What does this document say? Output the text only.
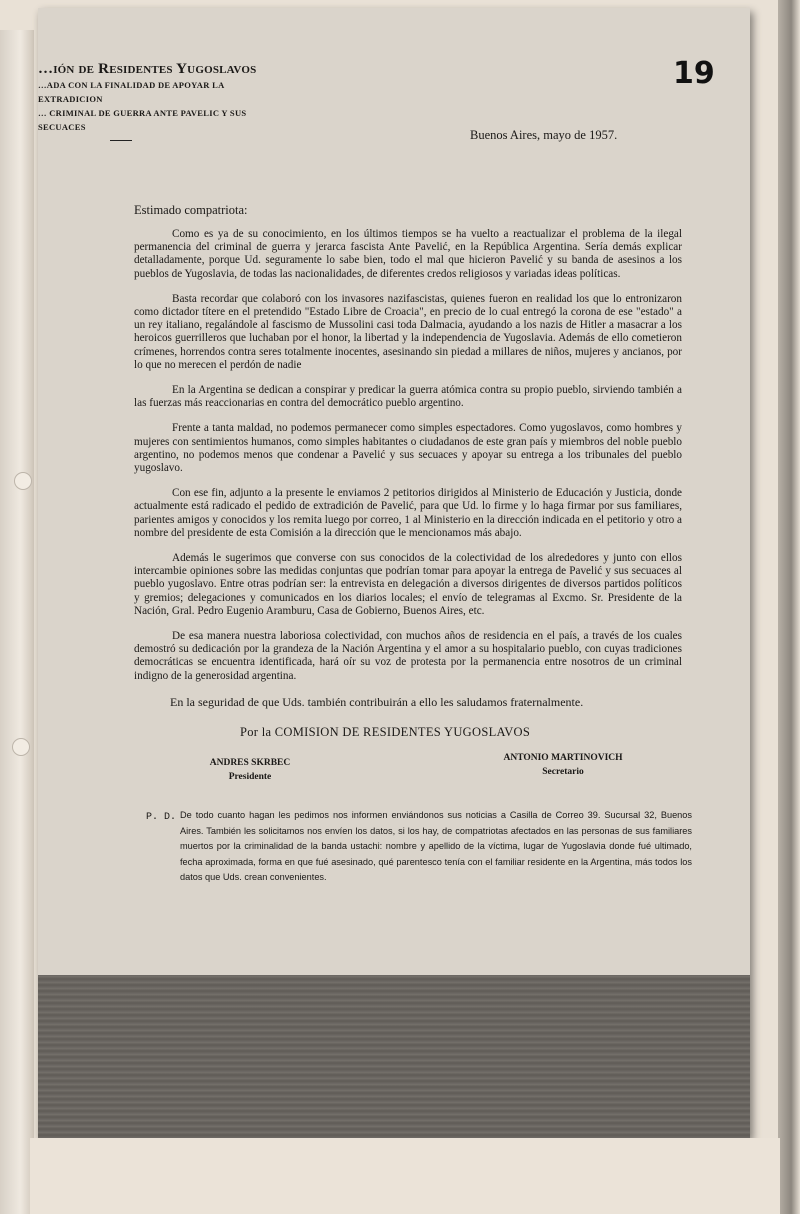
…ión de Residentes Yugoslavos
…ADA CON LA FINALIDAD DE APOYAR LA EXTRADICION
… CRIMINAL DE GUERRA ANTE PAVELIC Y SUS SECUACES
19
Buenos Aires, mayo de 1957.
Estimado compatriota:

Como es ya de su conocimiento, en los últimos tiempos se ha vuelto a reactualizar el problema de la ilegal permanencia del criminal de guerra y jerarca fascista Ante Pavelić, en la República Argentina. Sería demás explicar detalladamente, porque Ud. seguramente lo sabe bien, todo el mal que hicieron Pavelić y su banda de asesinos a los pueblos de Yugoslavia, de todas las nacionalidades, de diferentes credos religiosos y variadas ideas políticas.

Basta recordar que colaboró con los invasores nazifascistas, quienes fueron en realidad los que lo entronizaron como dictador títere en el pretendido "Estado Libre de Croacia", en precio de lo cual entregó la corona de ese "estado" a un rey italiano, regalándole al fascismo de Mussolini casi toda Dalmacia, ayudando a los nazis de Hitler a masacrar a los heroicos guerrilleros que luchaban por el honor, la libertad y la independencia de Yugoslavia. Además de ello cometieron crímenes, horrendos contra seres totalmente inocentes, asesinando sin piedad a millares de niños, mujeres y ancianos, por lo que no merecen el perdón de nadie

En la Argentina se dedican a conspirar y predicar la guerra atómica contra su propio pueblo, sirviendo también a las fuerzas más reaccionarias en contra del democrático pueblo argentino.

Frente a tanta maldad, no podemos permanecer como simples espectadores. Como yugoslavos, como hombres y mujeres con sentimientos humanos, como simples habitantes o ciudadanos de este gran país y miembros del noble pueblo argentino, no podemos menos que condenar a Pavelić y sus secuaces y apoyar su entrega a los tribunales del pueblo yugoslavo.

Con ese fin, adjunto a la presente le enviamos 2 petitorios dirigidos al Ministerio de Educación y Justicia, donde actualmente está radicado el pedido de extradición de Pavelić, para que Ud. lo firme y lo haga firmar por sus familiares, parientes amigos y conocidos y los remita luego por correo, 1 al Ministerio en la dirección indicada en el petitorio y otro a nombre del presidente de esta Comisión a la dirección que le mencionamos más abajo.

Además le sugerimos que converse con sus conocidos de la colectividad de los alrededores y junto con ellos intercambie opiniones sobre las medidas conjuntas que podrían tomar para apoyar la entrega de Pavelić y sus secuaces al pueblo yugoslavo. Entre otras podrían ser: la entrevista en delegación a diversos dirigentes de diversos partidos políticos y gremios; delegaciones y comunicados en los diarios locales; el envío de telegramas al Excmo. Sr. Presidente de la Nación, Gral. Pedro Eugenio Aramburu, Casa de Gobierno, Buenos Aires, etc.

De esa manera nuestra laboriosa colectividad, con muchos años de residencia en el país, a través de los cuales demostró su dedicación por la grandeza de la Nación Argentina y el amor a su hospitalario pueblo, con cuyas tradiciones democráticas se encuentra identificada, hará oír su voz de protesta por la permanencia entre nosotros de un criminal indigno de la generosidad argentina.

En la seguridad de que Uds. también contribuirán a ello les saludamos fraternalmente.
Por la COMISION DE RESIDENTES YUGOSLAVOS
ANDRES SKRBEC
Presidente
ANTONIO MARTINOVICH
Secretario
P. D. De todo cuanto hagan les pedimos nos informen enviándonos sus noticias a Casilla de Correo 39. Sucursal 32, Buenos Aires. También les solicitamos nos envíen los datos, si los hay, de compatriotas afectados en las personas de sus familiares muertos por la criminalidad de la banda ustachi: nombre y apellido de la víctima, lugar de Yugoslavia donde fué ultimado, fecha aproximada, forma en que fué asesinado, qué parentesco tenía con el familiar residente en la Argentina, más todos los datos que Uds. crean convenientes.
